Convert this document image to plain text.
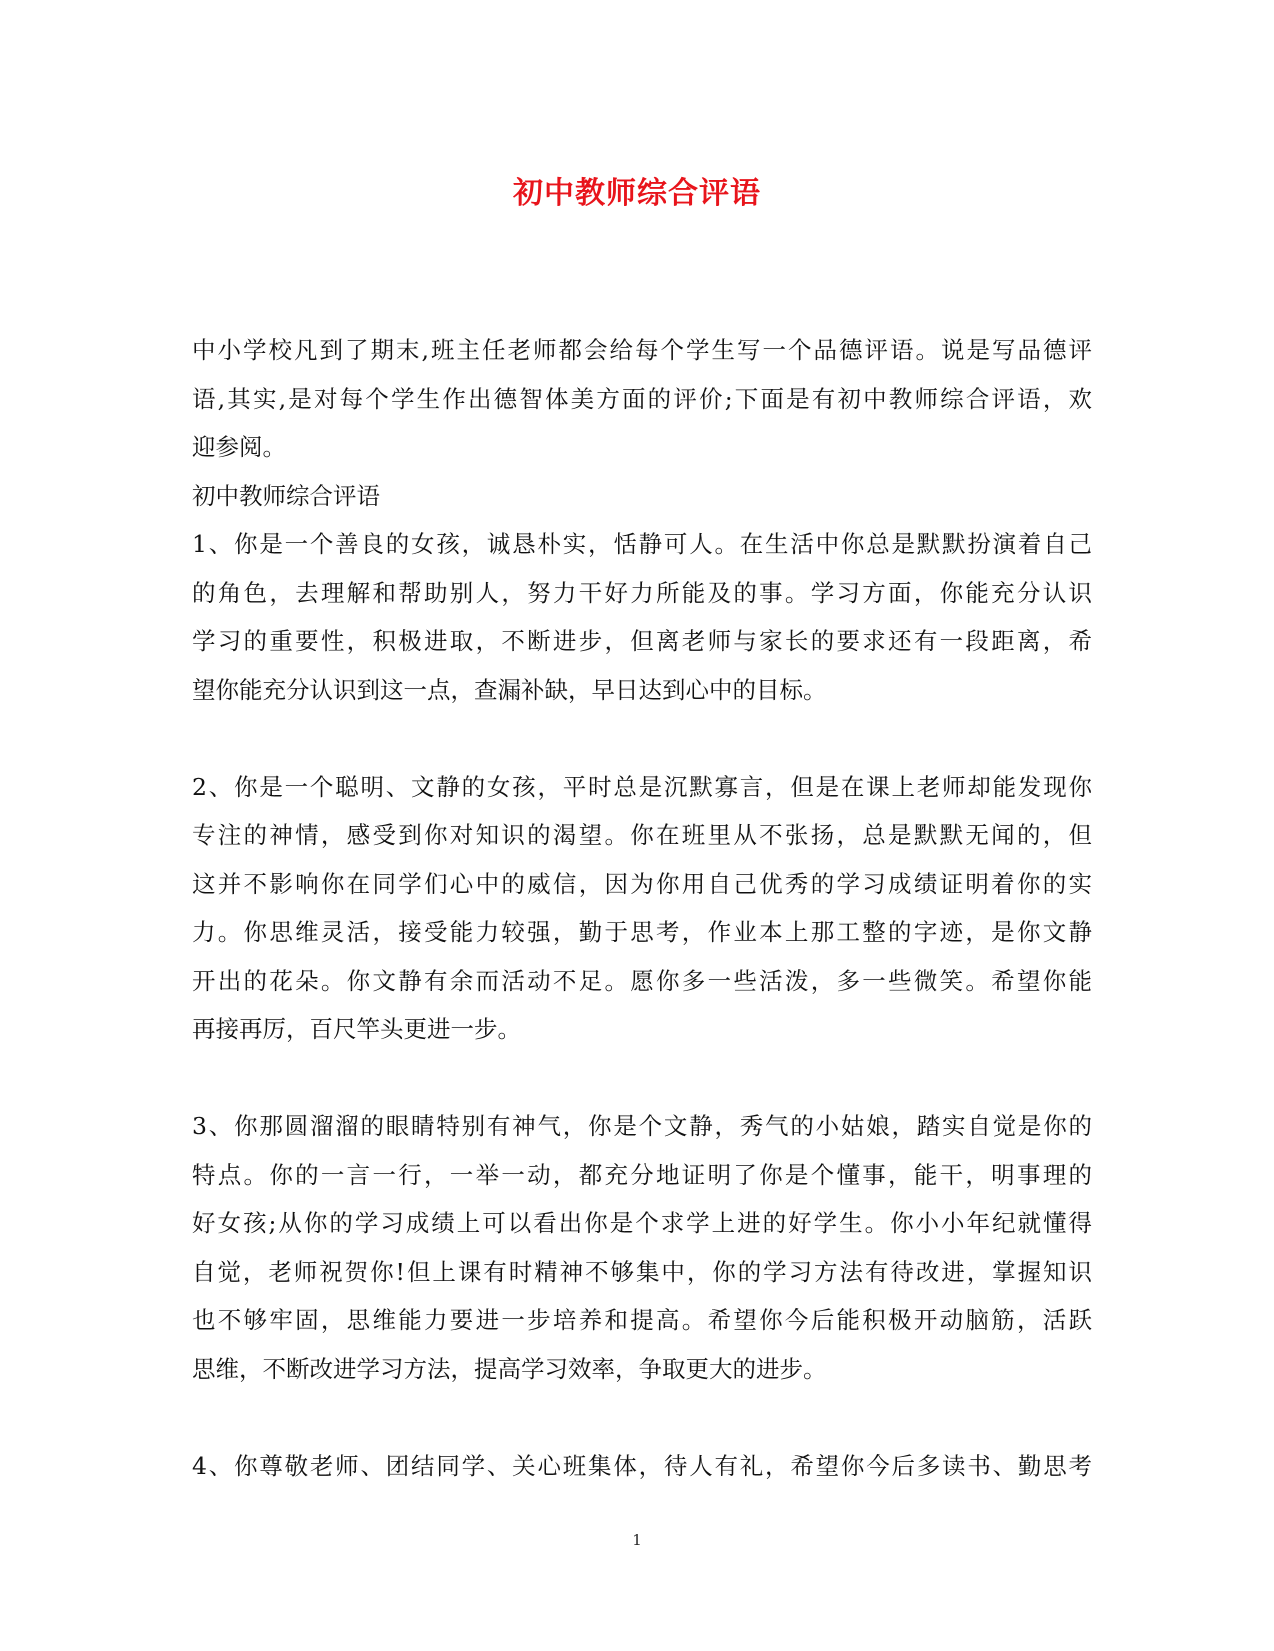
初中教师综合评语
中小学校凡到了期末,班主任老师都会给每个学生写一个品德评语。说是写品德评
语,其实,是对每个学生作出德智体美方面的评价;下面是有初中教师综合评语，欢
迎参阅。
初中教师综合评语
1、你是一个善良的女孩，诚恳朴实，恬静可人。在生活中你总是默默扮演着自己
的角色，去理解和帮助别人，努力干好力所能及的事。学习方面，你能充分认识
学习的重要性，积极进取，不断进步，但离老师与家长的要求还有一段距离，希
望你能充分认识到这一点，查漏补缺，早日达到心中的目标。
2、你是一个聪明、文静的女孩，平时总是沉默寡言，但是在课上老师却能发现你
专注的神情，感受到你对知识的渴望。你在班里从不张扬，总是默默无闻的，但
这并不影响你在同学们心中的威信，因为你用自己优秀的学习成绩证明着你的实
力。你思维灵活，接受能力较强，勤于思考，作业本上那工整的字迹，是你文静
开出的花朵。你文静有余而活动不足。愿你多一些活泼，多一些微笑。希望你能
再接再厉，百尺竿头更进一步。
3、你那圆溜溜的眼睛特别有神气，你是个文静，秀气的小姑娘，踏实自觉是你的
特点。你的一言一行，一举一动，都充分地证明了你是个懂事，能干，明事理的
好女孩;从你的学习成绩上可以看出你是个求学上进的好学生。你小小年纪就懂得
自觉，老师祝贺你!但上课有时精神不够集中，你的学习方法有待改进，掌握知识
也不够牢固，思维能力要进一步培养和提高。希望你今后能积极开动脑筋，活跃
思维，不断改进学习方法，提高学习效率，争取更大的进步。
4、你尊敬老师、团结同学、关心班集体，待人有礼，希望你今后多读书、勤思考
1
